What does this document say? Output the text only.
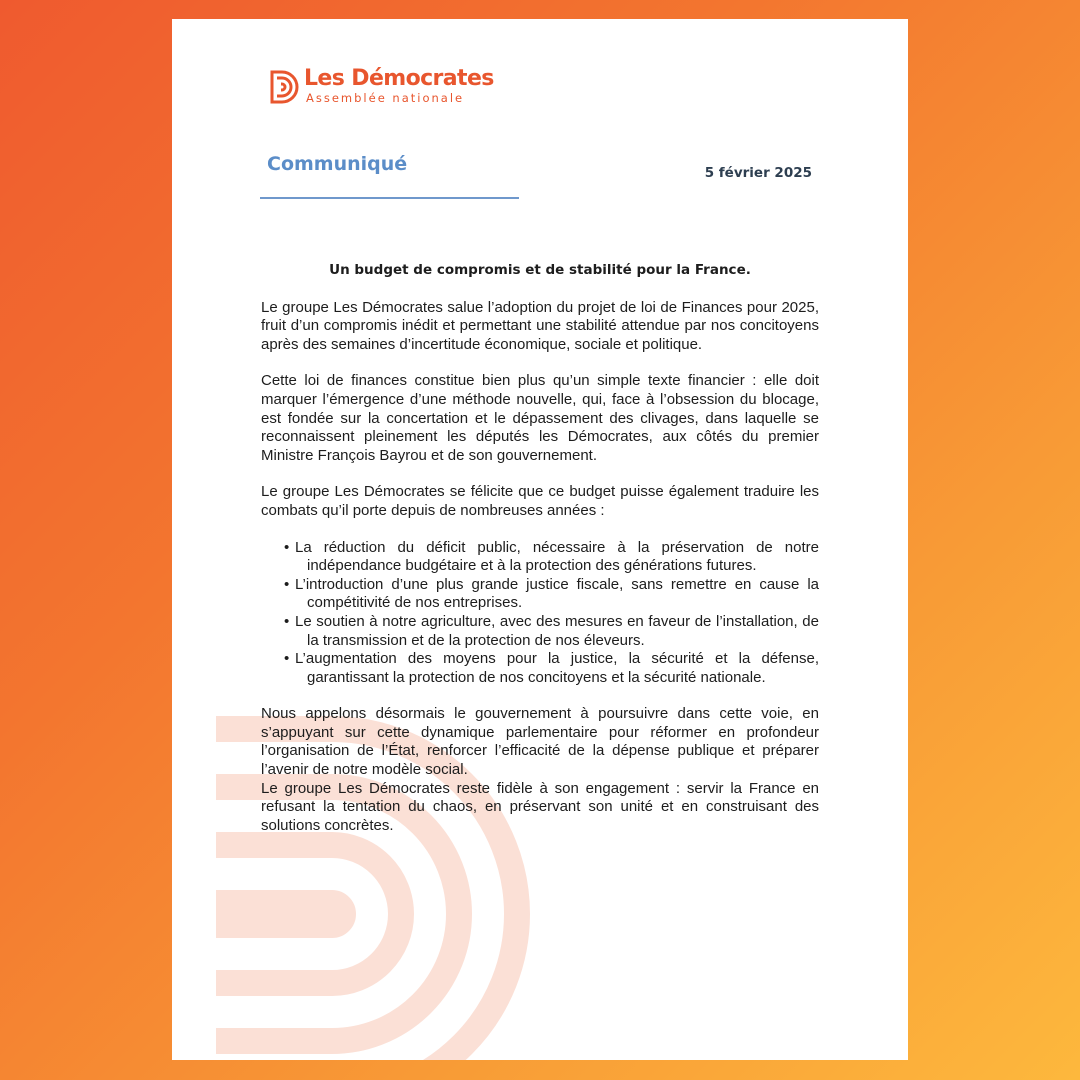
Les Démocrates
Assemblée nationale
Communiqué	5 février 2025
Un budget de compromis et de stabilité pour la France.

Le groupe Les Démocrates salue l’adoption du projet de loi de Finances pour 2025, fruit d’un compromis inédit et permettant une stabilité attendue par nos concitoyens après des semaines d’incertitude économique, sociale et politique.

Cette loi de finances constitue bien plus qu’un simple texte financier : elle doit marquer l’émergence d’une méthode nouvelle, qui, face à l’obsession du blocage, est fondée sur la concertation et le dépassement des clivages, dans laquelle se reconnaissent pleinement les députés les Démocrates, aux côtés du premier Ministre François Bayrou et de son gouvernement.

Le groupe Les Démocrates se félicite que ce budget puisse également traduire les combats qu’il porte depuis de nombreuses années :

• La réduction du déficit public, nécessaire à la préservation de notre indépendance budgétaire et à la protection des générations futures.
• L’introduction d’une plus grande justice fiscale, sans remettre en cause la compétitivité de nos entreprises.
• Le soutien à notre agriculture, avec des mesures en faveur de l’installation, de la transmission et de la protection de nos éleveurs.
• L’augmentation des moyens pour la justice, la sécurité et la défense, garantissant la protection de nos concitoyens et la sécurité nationale.

Nous appelons désormais le gouvernement à poursuivre dans cette voie, en s’appuyant sur cette dynamique parlementaire pour réformer en profondeur l’organisation de l’État, renforcer l’efficacité de la dépense publique et préparer l’avenir de notre modèle social.

Le groupe Les Démocrates reste fidèle à son engagement : servir la France en refusant la tentation du chaos, en préservant son unité et en construisant des solutions concrètes.
